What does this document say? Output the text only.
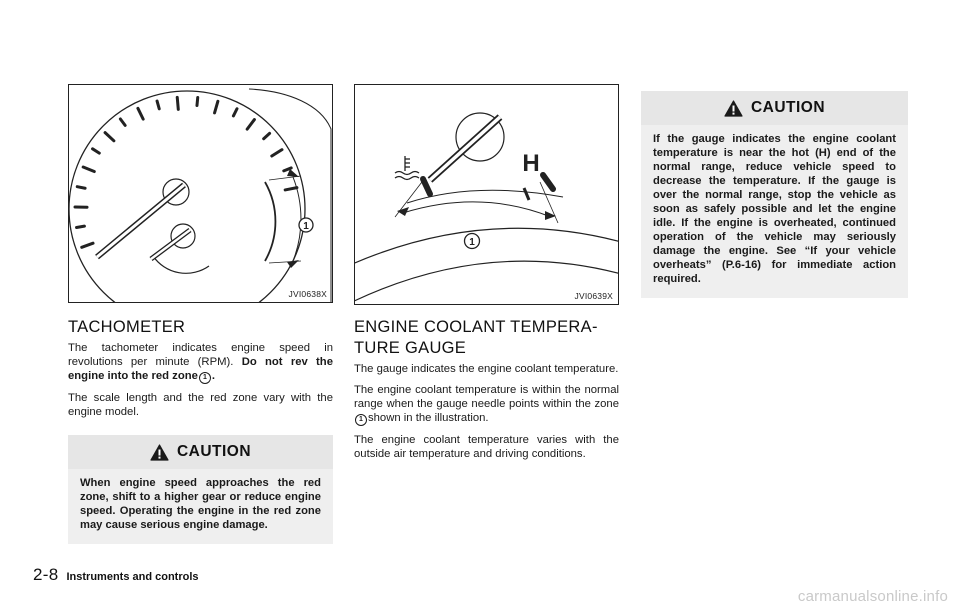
1
JVI0638X
TACHOMETER

The tachometer indicates engine speed in revolutions per minute (RPM). Do not rev the engine into the red zone 1 .

The scale length and the red zone vary with the engine model.

CAUTION
When engine speed approaches the red zone, shift to a higher gear or reduce engine speed. Operating the engine in the red zone may cause serious engine damage.
H
1
JVI0639X
ENGINE COOLANT TEMPERA-
TURE GAUGE

The gauge indicates the engine coolant temperature.

The engine coolant temperature is within the normal range when the gauge needle points within the zone1 shown in the illustration.

The engine coolant temperature varies with the outside air temperature and driving conditions.

CAUTION
If the gauge indicates the engine coolant temperature is near the hot (H) end of the normal range, reduce vehicle speed to decrease the temperature. If the gauge is over the normal range, stop the vehicle as soon as safely possible and let the engine idle. If the engine is overheated, continued operation of the vehicle may seriously damage the engine. See “If your vehicle overheats” (P.6-16) for immediate action required.
2-8 Instruments and controls
carmanualsonline.info
